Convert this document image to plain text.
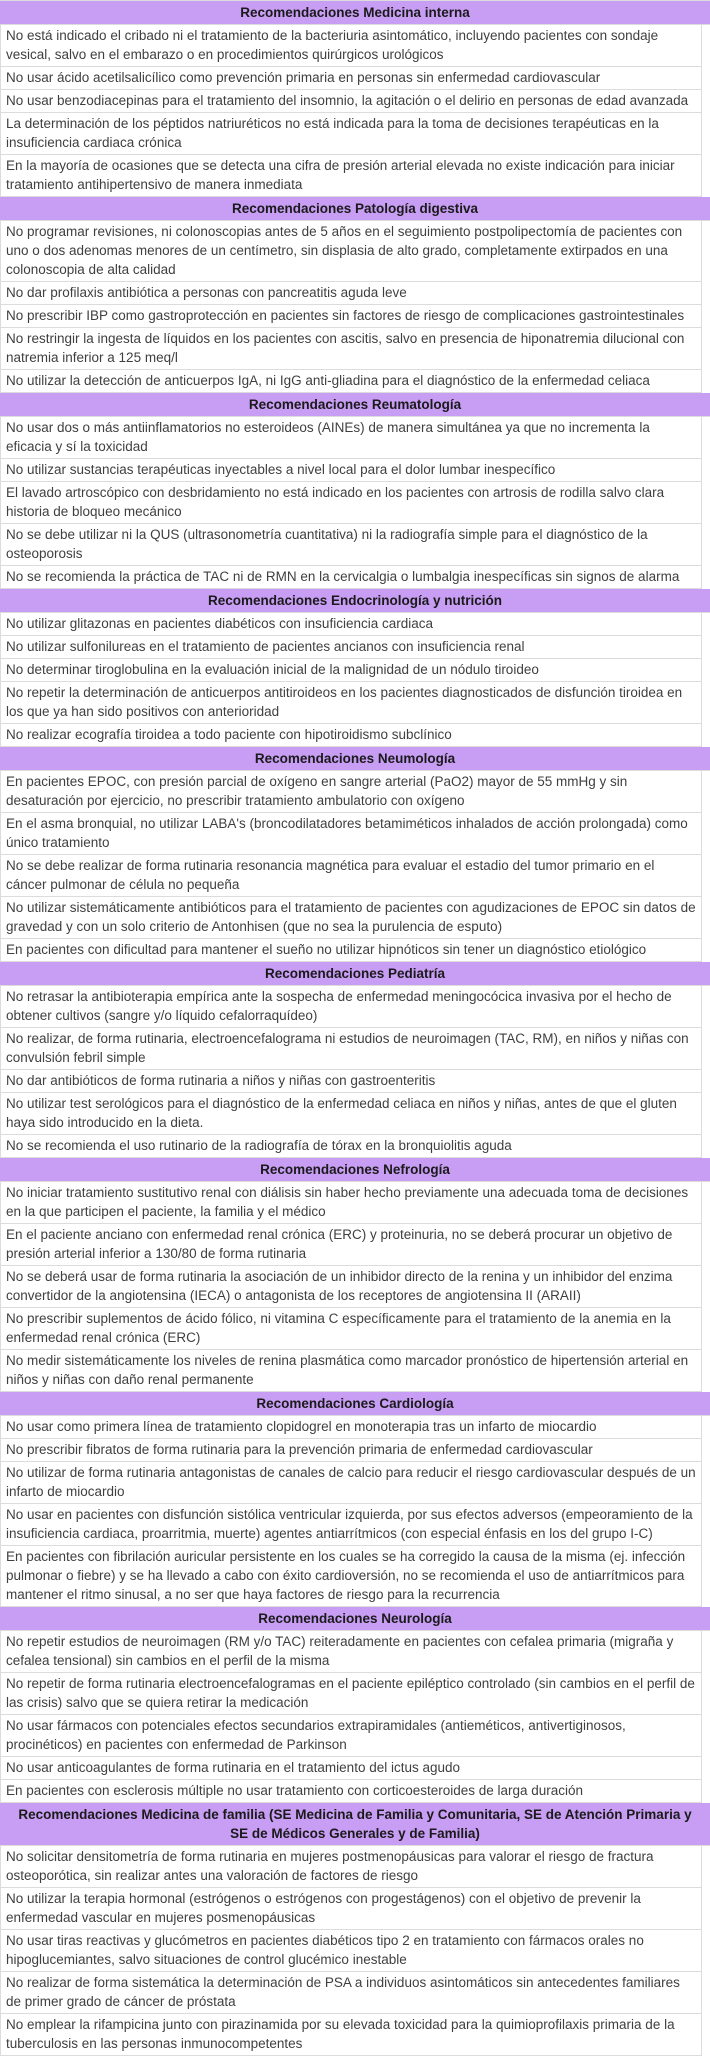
Recomendaciones Medicina interna
No está indicado el cribado ni el tratamiento de la bacteriuria asintomático, incluyendo pacientes con sondaje vesical, salvo en el embarazo o en procedimientos quirúrgicos urológicos
No usar ácido acetilsalicílico como prevención primaria en personas sin enfermedad cardiovascular
No usar benzodiacepinas para el tratamiento del insomnio, la agitación o el delirio en personas de edad avanzada
La determinación de los péptidos natriuréticos no está indicada para la toma de decisiones terapéuticas en la insuficiencia cardiaca crónica
En la mayoría de ocasiones que se detecta una cifra de presión arterial elevada no existe indicación para iniciar tratamiento antihipertensivo de manera inmediata
Recomendaciones Patología digestiva
No programar revisiones, ni colonoscopias antes de 5 años en el seguimiento postpolipectomía de pacientes con uno o dos adenomas menores de un centímetro, sin displasia de alto grado, completamente extirpados en una colonoscopia de alta calidad
No dar profilaxis antibiótica a personas con pancreatitis aguda leve
No prescribir IBP como gastroprotección en pacientes sin factores de riesgo de complicaciones gastrointestinales
No restringir la ingesta de líquidos en los pacientes con ascitis, salvo en presencia de hiponatremia dilucional con natremia inferior a 125 meq/l
No utilizar la detección de anticuerpos IgA, ni IgG anti-gliadina para el diagnóstico de la enfermedad celiaca
Recomendaciones Reumatología
No usar dos o más antiinflamatorios no esteroideos (AINEs) de manera simultánea ya que no incrementa la eficacia y sí la toxicidad
No utilizar sustancias terapéuticas inyectables a nivel local para el dolor lumbar inespecífico
El lavado artroscópico con desbridamiento no está indicado en los pacientes con artrosis de rodilla salvo clara historia de bloqueo mecánico
No se debe utilizar ni la QUS (ultrasonometría cuantitativa) ni la radiografía simple para el diagnóstico de la osteoporosis
No se recomienda la práctica de TAC ni de RMN en la cervicalgia o lumbalgia inespecíficas sin signos de alarma
Recomendaciones Endocrinología y nutrición
No utilizar glitazonas en pacientes diabéticos con insuficiencia cardiaca
No utilizar sulfonilureas en el tratamiento de pacientes ancianos con insuficiencia renal
No determinar tiroglobulina en la evaluación inicial de la malignidad de un nódulo tiroideo
No repetir la determinación de anticuerpos antitiroideos en los pacientes diagnosticados de disfunción tiroidea en los que ya han sido positivos con anterioridad
No realizar ecografía tiroidea a todo paciente con hipotiroidismo subclínico
Recomendaciones Neumología
En pacientes EPOC, con presión parcial de oxígeno en sangre arterial (PaO2) mayor de 55 mmHg y sin desaturación por ejercicio, no prescribir tratamiento ambulatorio con oxígeno
En el asma bronquial, no utilizar LABA's (broncodilatadores betamiméticos inhalados de acción prolongada) como único tratamiento
No se debe realizar de forma rutinaria resonancia magnética para evaluar el estadio del tumor primario en el cáncer pulmonar de célula no pequeña
No utilizar sistemáticamente antibióticos para el tratamiento de pacientes con agudizaciones de EPOC sin datos de gravedad y con un solo criterio de Antonhisen (que no sea la purulencia de esputo)
En pacientes con dificultad para mantener el sueño no utilizar hipnóticos sin tener un diagnóstico etiológico
Recomendaciones Pediatría
No retrasar la antibioterapia empírica ante la sospecha de enfermedad meningocócica invasiva por el hecho de obtener cultivos (sangre y/o líquido cefalorraquídeo)
No realizar, de forma rutinaria, electroencefalograma ni estudios de neuroimagen (TAC, RM), en niños y niñas con convulsión febril simple
No dar antibióticos de forma rutinaria a niños y niñas con gastroenteritis
No utilizar test serológicos para el diagnóstico de la enfermedad celiaca en niños y niñas, antes de que el gluten haya sido introducido en la dieta.
No se recomienda el uso rutinario de la radiografía de tórax en la bronquiolitis aguda
Recomendaciones Nefrología
No iniciar tratamiento sustitutivo renal con diálisis sin haber hecho previamente una adecuada toma de decisiones en la que participen el paciente, la familia y el médico
En el paciente anciano con enfermedad renal crónica (ERC) y proteinuria, no se deberá procurar un objetivo de presión arterial inferior a 130/80 de forma rutinaria
No se deberá usar de forma rutinaria la asociación de un inhibidor directo de la renina y un inhibidor del enzima convertidor de la angiotensina (IECA) o antagonista de los receptores de angiotensina II (ARAII)
No prescribir suplementos de ácido fólico, ni vitamina C específicamente para el tratamiento de la anemia en la enfermedad renal crónica (ERC)
No medir sistemáticamente los niveles de renina plasmática como marcador pronóstico de hipertensión arterial en niños y niñas con daño renal permanente
Recomendaciones Cardiología
No usar como primera línea de tratamiento clopidogrel en monoterapia tras un infarto de miocardio
No prescribir fibratos de forma rutinaria para la prevención primaria de enfermedad cardiovascular
No utilizar de forma rutinaria antagonistas de canales de calcio para reducir el riesgo cardiovascular después de un infarto de miocardio
No usar en pacientes con disfunción sistólica ventricular izquierda, por sus efectos adversos (empeoramiento de la insuficiencia cardiaca, proarritmia, muerte) agentes antiarrítmicos (con especial énfasis en los del grupo I-C)
En pacientes con fibrilación auricular persistente en los cuales se ha corregido la causa de la misma (ej. infección pulmonar o fiebre) y se ha llevado a cabo con éxito cardioversión, no se recomienda el uso de antiarrítmicos para mantener el ritmo sinusal, a no ser que haya factores de riesgo para la recurrencia
Recomendaciones Neurología
No repetir estudios de neuroimagen (RM y/o TAC) reiteradamente en pacientes con cefalea primaria (migraña y cefalea tensional) sin cambios en el perfil de la misma
No repetir de forma rutinaria electroencefalogramas en el paciente epiléptico controlado (sin cambios en el perfil de las crisis) salvo que se quiera retirar la medicación
No usar fármacos con potenciales efectos secundarios extrapiramidales (antieméticos, antivertiginosos, procinéticos) en pacientes con enfermedad de Parkinson
No usar anticoagulantes de forma rutinaria en el tratamiento del ictus agudo
En pacientes con esclerosis múltiple no usar tratamiento con corticoesteroides de larga duración
Recomendaciones Medicina de familia (SE Medicina de Familia y Comunitaria, SE de Atención Primaria y SE de Médicos Generales y de Familia)
No solicitar densitometría de forma rutinaria en mujeres postmenopáusicas para valorar el riesgo de fractura osteoporótica, sin realizar antes una valoración de factores de riesgo
No utilizar la terapia hormonal (estrógenos o estrógenos con progestágenos) con el objetivo de prevenir la enfermedad vascular en mujeres posmenopáusicas
No usar tiras reactivas y glucómetros en pacientes diabéticos tipo 2 en tratamiento con fármacos orales no hipoglucemiantes, salvo situaciones de control glucémico inestable
No realizar de forma sistemática la determinación de PSA a individuos asintomáticos sin antecedentes familiares de primer grado de cáncer de próstata
No emplear la rifampicina junto con pirazinamida por su elevada toxicidad para la quimioprofilaxis primaria de la tuberculosis en las personas inmunocompetentes
